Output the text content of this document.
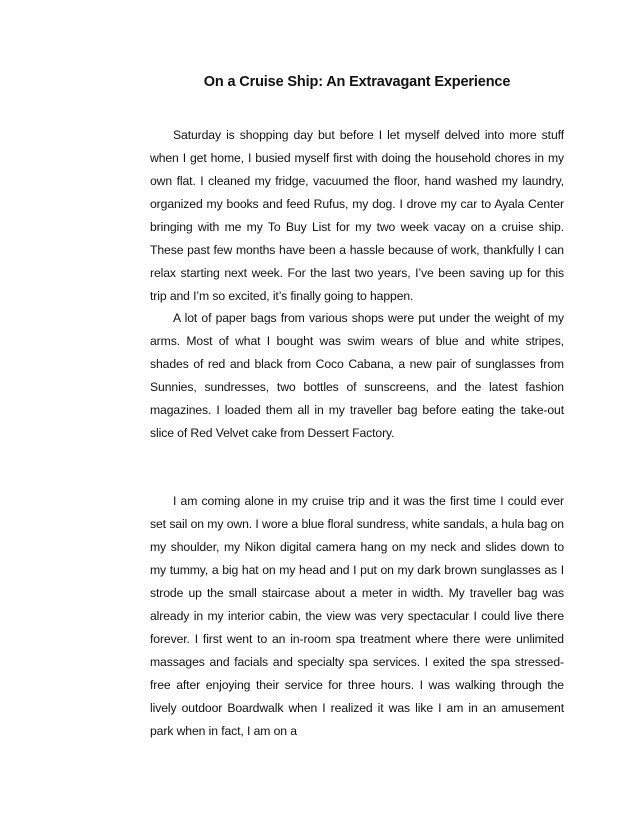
On a Cruise Ship: An Extravagant Experience

Saturday is shopping day but before I let myself delved into more stuff when I get home, I busied myself first with doing the household chores in my own flat. I cleaned my fridge, vacuumed the floor, hand washed my laundry, organized my books and feed Rufus, my dog. I drove my car to Ayala Center bringing with me my To Buy List for my two week vacay on a cruise ship. These past few months have been a hassle because of work, thankfully I can relax starting next week. For the last two years, I’ve been saving up for this trip and I’m so excited, it’s finally going to happen.

A lot of paper bags from various shops were put under the weight of my arms. Most of what I bought was swim wears of blue and white stripes, shades of red and black from Coco Cabana, a new pair of sunglasses from Sunnies, sundresses, two bottles of sunscreens, and the latest fashion magazines. I loaded them all in my traveller bag before eating the take-out slice of Red Velvet cake from Dessert Factory.

I am coming alone in my cruise trip and it was the first time I could ever set sail on my own. I wore a blue floral sundress, white sandals, a hula bag on my shoulder, my Nikon digital camera hang on my neck and slides down to my tummy, a big hat on my head and I put on my dark brown sunglasses as I strode up the small staircase about a meter in width. My traveller bag was already in my interior cabin, the view was very spectacular I could live there forever. I first went to an in-room spa treatment where there were unlimited massages and facials and specialty spa services. I exited the spa stressed-free after enjoying their service for three hours. I was walking through the lively outdoor Boardwalk when I realized it was like I am in an amusement park when in fact, I am on a
